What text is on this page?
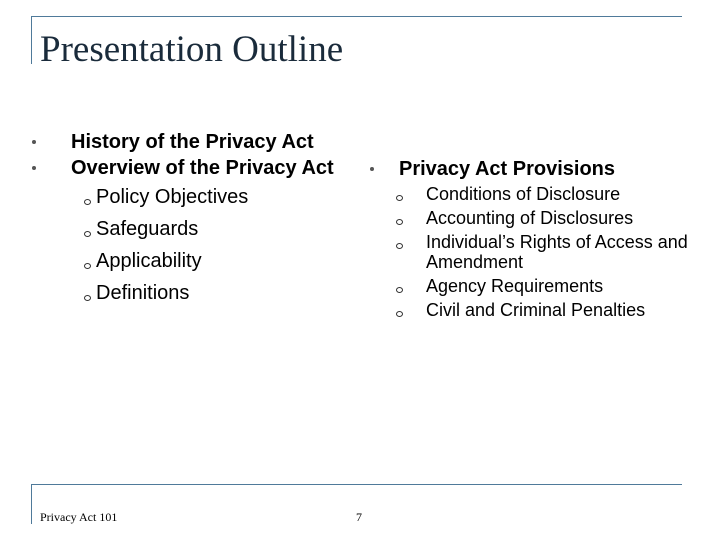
Presentation Outline
History of the Privacy Act
Overview of the Privacy Act
Policy Objectives
Safeguards
Applicability
Definitions
Privacy Act Provisions
Conditions of Disclosure
Accounting of Disclosures
Individual’s Rights of Access and Amendment
Agency Requirements
Civil and Criminal Penalties
Privacy Act 101	7
